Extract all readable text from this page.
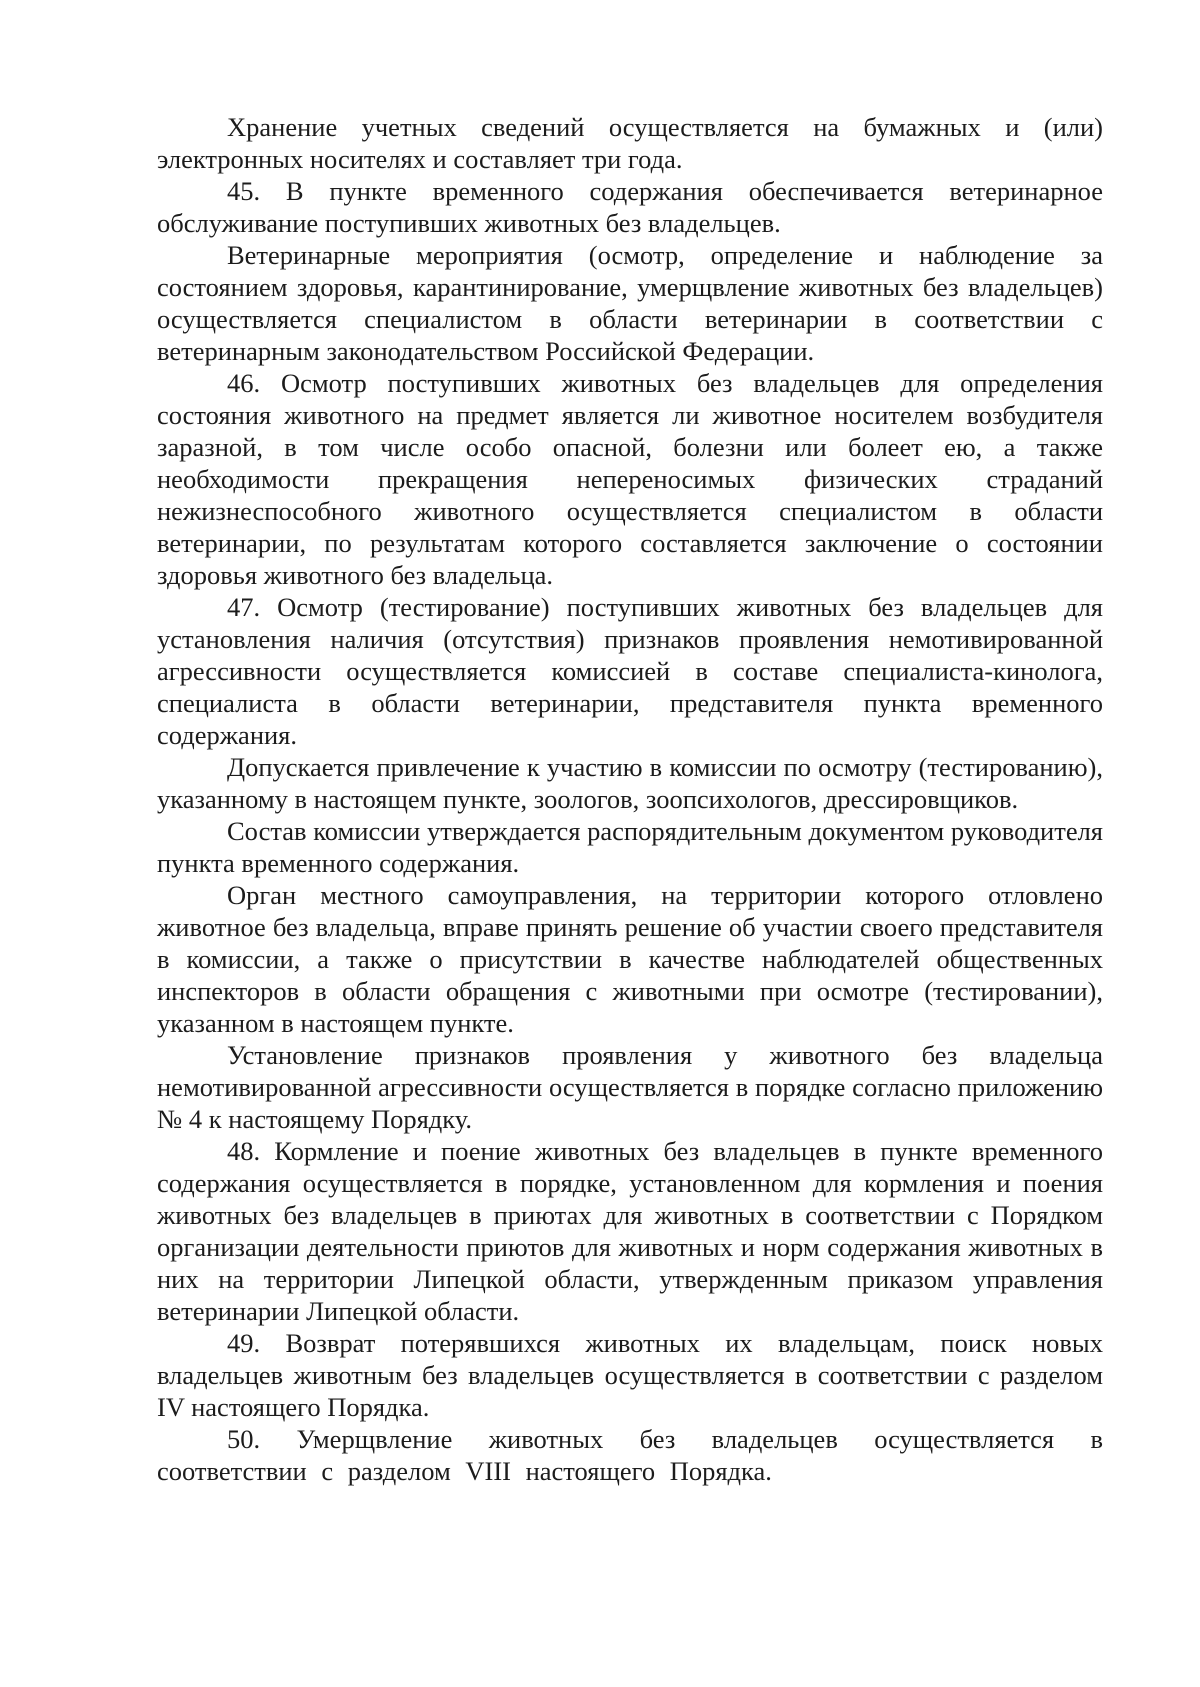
Хранение учетных сведений осуществляется на бумажных и (или) электронных носителях и составляет три года.

45. В пункте временного содержания обеспечивается ветеринарное обслуживание поступивших животных без владельцев.

Ветеринарные мероприятия (осмотр, определение и наблюдение за состоянием здоровья, карантинирование, умерщвление животных без владельцев) осуществляется специалистом в области ветеринарии в соответствии с ветеринарным законодательством Российской Федерации.

46. Осмотр поступивших животных без владельцев для определения состояния животного на предмет является ли животное носителем возбудителя заразной, в том числе особо опасной, болезни или болеет ею, а также необходимости прекращения непереносимых физических страданий нежизнеспособного животного осуществляется специалистом в области ветеринарии, по результатам которого составляется заключение о состоянии здоровья животного без владельца.

47. Осмотр (тестирование) поступивших животных без владельцев для установления наличия (отсутствия) признаков проявления немотивированной агрессивности осуществляется комиссией в составе специалиста-кинолога, специалиста в области ветеринарии, представителя пункта временного содержания.

Допускается привлечение к участию в комиссии по осмотру (тестированию), указанному в настоящем пункте, зоологов, зоопсихологов, дрессировщиков.

Состав комиссии утверждается распорядительным документом руководителя пункта временного содержания.

Орган местного самоуправления, на территории которого отловлено животное без владельца, вправе принять решение об участии своего представителя в комиссии, а также о присутствии в качестве наблюдателей общественных инспекторов в области обращения с животными при осмотре (тестировании), указанном в настоящем пункте.

Установление признаков проявления у животного без владельца немотивированной агрессивности осуществляется в порядке согласно приложению № 4 к настоящему Порядку.

48. Кормление и поение животных без владельцев в пункте временного содержания осуществляется в порядке, установленном для кормления и поения животных без владельцев в приютах для животных в соответствии с Порядком организации деятельности приютов для животных и норм содержания животных в них на территории Липецкой области, утвержденным приказом управления ветеринарии Липецкой области.

49. Возврат потерявшихся животных их владельцам, поиск новых владельцев животным без владельцев осуществляется в соответствии с разделом IV настоящего Порядка.

50. Умерщвление животных без владельцев осуществляется в соответствии с разделом VIII настоящего Порядка.
